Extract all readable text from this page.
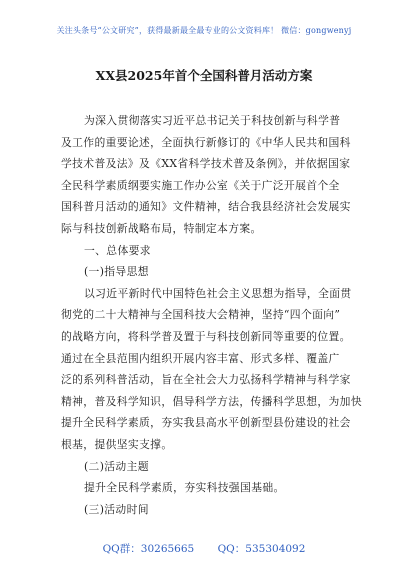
关注头条号“公文研究”，获得最新最全最专业的公文资料库！ 微信：gongwenyj
XX县2025年首个全国科普月活动方案
为深入贯彻落实习近平总书记关于科技创新与科学普
及工作的重要论述，全面执行新修订的《中华人民共和国科
学技术普及法》及《XX省科学技术普及条例》，并依据国家
全民科学素质纲要实施工作办公室《关于广泛开展首个全
国科普月活动的通知》文件精神，结合我县经济社会发展实
际与科技创新战略布局，特制定本方案。
一、总体要求
(一)指导思想
以习近平新时代中国特色社会主义思想为指导，全面贯
彻党的二十大精神与全国科技大会精神，坚持“四个面向”
的战略方向，将科学普及置于与科技创新同等重要的位置。
通过在全县范围内组织开展内容丰富、形式多样、覆盖广
泛的系列科普活动，旨在全社会大力弘扬科学精神与科学家
精神，普及科学知识，倡导科学方法，传播科学思想，为加快
提升全民科学素质，夯实我县高水平创新型县份建设的社会
根基，提供坚实支撑。
(二)活动主题
提升全民科学素质，夯实科技强国基础。
(三)活动时间
QQ群：30265665 QQ：535304092
